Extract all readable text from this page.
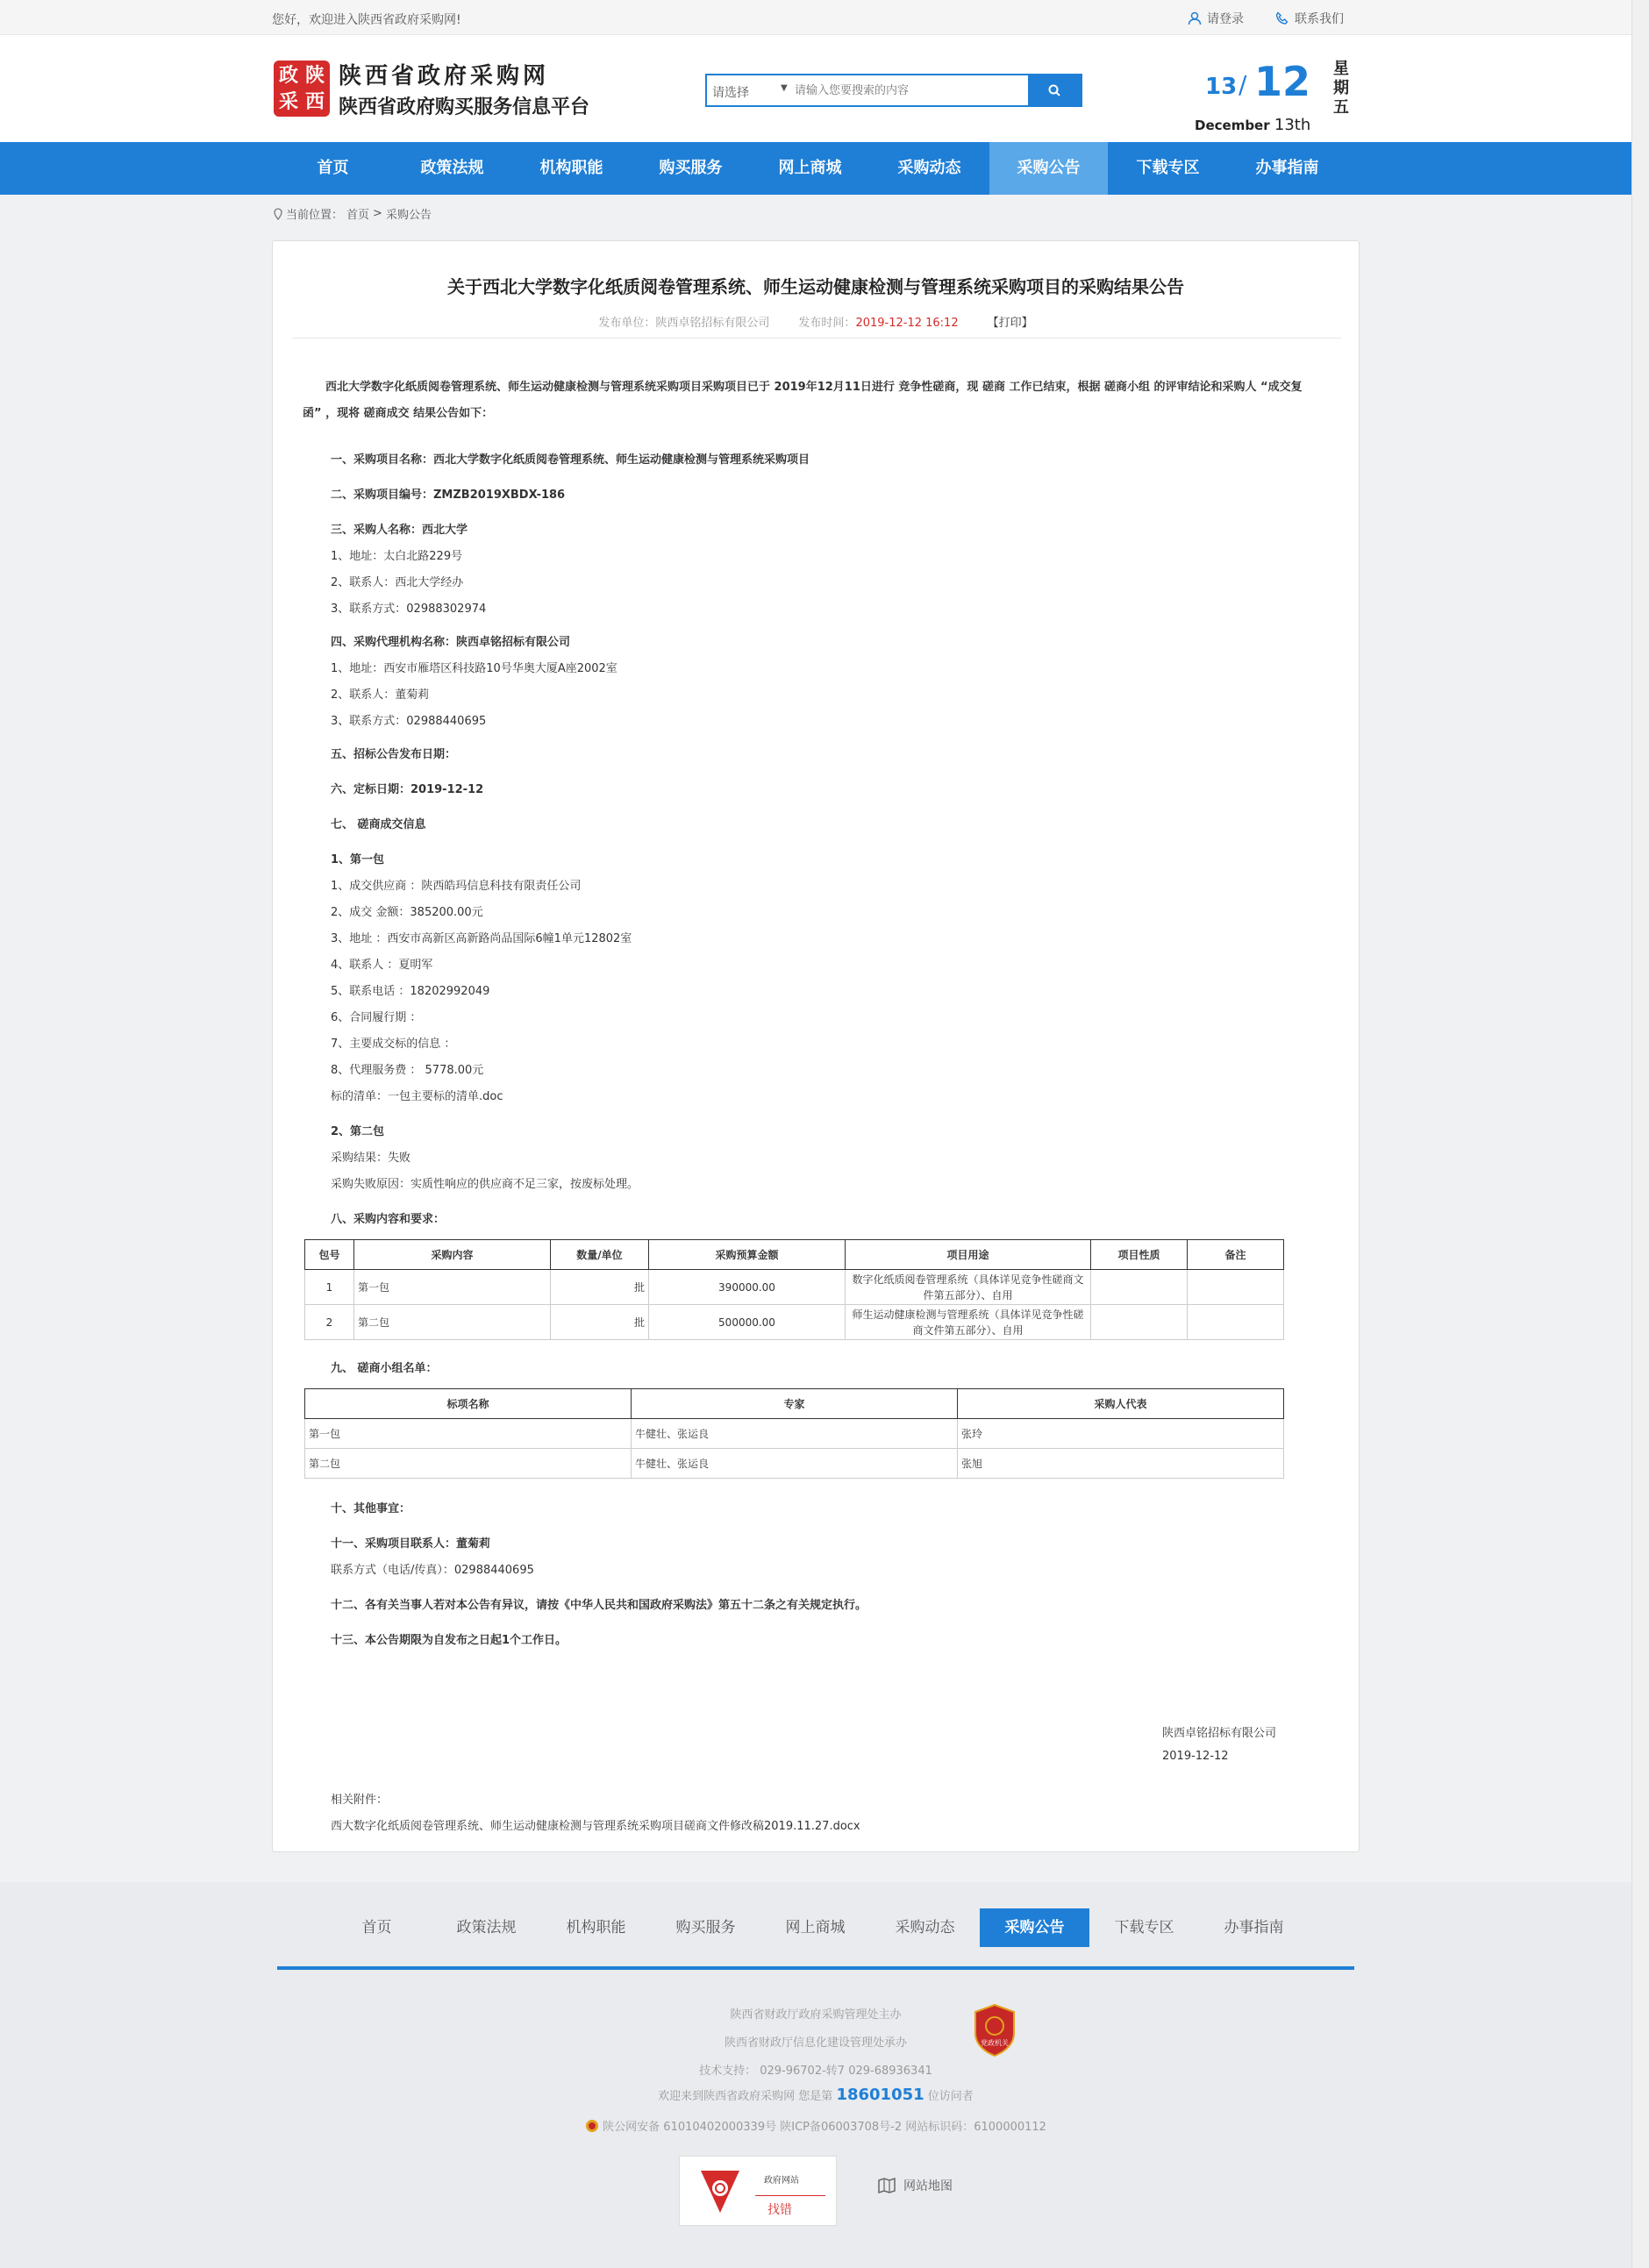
您好，欢迎进入陕西省政府采购网!	请登录	联系我们
政 陕
采 西
陕西省政府采购网
陕西省政府购买服务信息平台
请选择	▼
请输入您要搜索的内容	13 / 12
December 13th
星
期
五
首页	政策法规	机构职能	购买服务	网上商城	采购动态	采购公告	下载专区	办事指南
当前位置： 首页 > 采购公告
关于西北大学数字化纸质阅卷管理系统、师生运动健康检测与管理系统采购项目的采购结果公告
发布单位：陕西卓铭招标有限公司	发布时间：2019-12-12 16:12	【打印】
西北大学数字化纸质阅卷管理系统、师生运动健康检测与管理系统采购项目采购项目已于 2019年12月11日进行 竞争性磋商，现 磋商 工作已结束，根据 磋商小组 的评审结论和采购人 “成交复函” ，现将 磋商成交 结果公告如下：
一、采购项目名称：西北大学数字化纸质阅卷管理系统、师生运动健康检测与管理系统采购项目
二、采购项目编号：ZMZB2019XBDX-186
三、采购人名称：西北大学
1、地址：太白北路229号
2、联系人：西北大学经办
3、联系方式：02988302974
四、采购代理机构名称：陕西卓铭招标有限公司
1、地址：西安市雁塔区科技路10号华奥大厦A座2002室
2、联系人：董菊莉
3、联系方式：02988440695
五、招标公告发布日期：
六、定标日期：2019-12-12
七、 磋商成交信息
1、第一包
1、成交供应商 ：陕西皓玛信息科技有限责任公司
2、成交 金额：385200.00元
3、地址 ：西安市高新区高新路尚品国际6幢1单元12802室
4、联系人 ：夏明军
5、联系电话 ：18202992049
6、合同履行期 ：
7、主要成交标的信息 ：
8、代理服务费 ： 5778.00元
标的清单：一包主要标的清单.doc
2、第二包
采购结果：失败
采购失败原因：实质性响应的供应商不足三家，按废标处理。
八、采购内容和要求：
九、 磋商小组名单：
十、其他事宜：
十一、采购项目联系人：董菊莉
联系方式（电话/传真）：02988440695
十二、各有关当事人若对本公告有异议，请按《中华人民共和国政府采购法》第五十二条之有关规定执行。
十三、本公告期限为自发布之日起1个工作日。
相关附件：
西大数字化纸质阅卷管理系统、师生运动健康检测与管理系统采购项目磋商文件修改稿2019.11.27.docx
包号	采购内容	数量/单位	采购预算金额	项目用途	项目性质	备注
1	第一包	批	390000.00	数字化纸质阅卷管理系统（具体详见竞争性磋商文件第五部分）、自用		
2	第二包	批	500000.00	师生运动健康检测与管理系统（具体详见竞争性磋商文件第五部分）、自用		
标项名称	专家	采购人代表
第一包	牛健壮、张运良	张玲
第二包	牛健壮、张运良	张旭
陕西卓铭招标有限公司
2019-12-12
首页	政策法规	机构职能	购买服务	网上商城	采购动态	采购公告	下载专区	办事指南
陕西省财政厅政府采购管理处主办
陕西省财政厅信息化建设管理处承办
技术支持： 029-96702-转7 029-68936341
欢迎来到陕西省政府采购网 您是第 18601051 位访问者
陕公网安备 61010402000339号 陕ICP备06003708号-2 网站标识码：6100000112
党政机关
政府网站
找错
网站地图
